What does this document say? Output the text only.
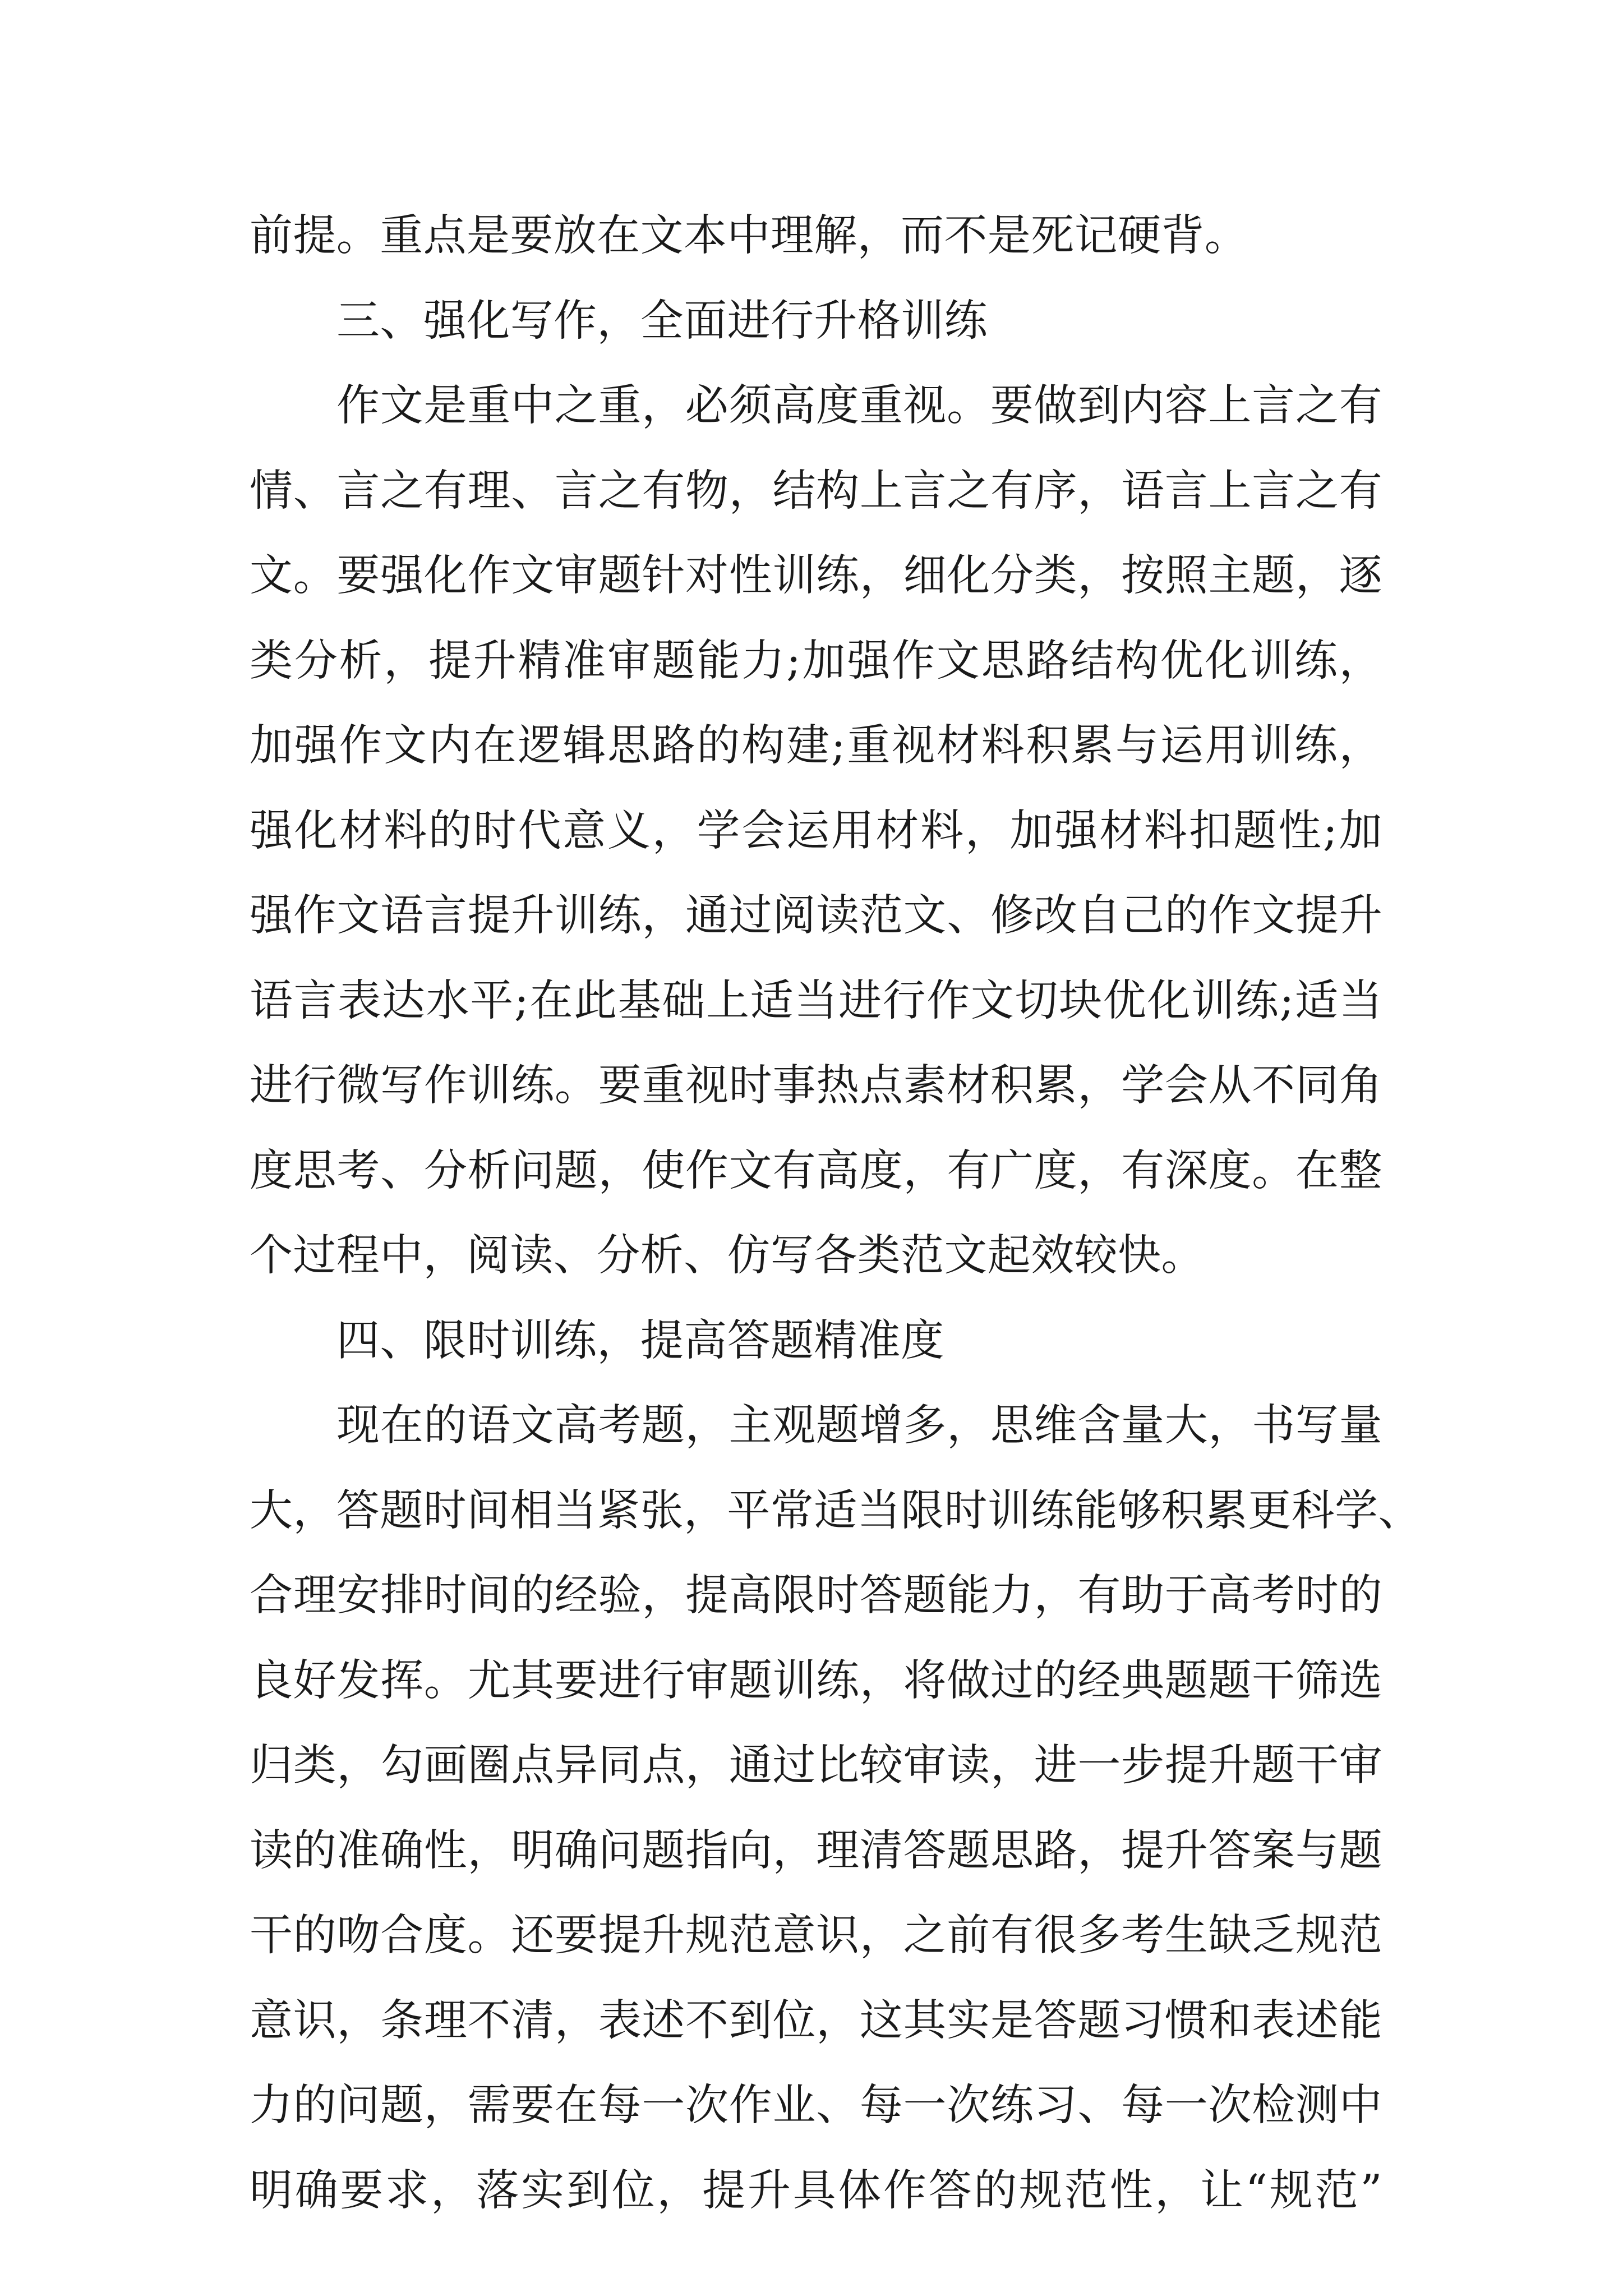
前提。重点是要放在文本中理解，而不是死记硬背。
三、强化写作，全面进行升格训练
作文是重中之重，必须高度重视。要做到内容上言之有
情、言之有理、言之有物，结构上言之有序，语言上言之有
文。要强化作文审题针对性训练，细化分类，按照主题，逐
类分析，提升精准审题能力;加强作文思路结构优化训练，
加强作文内在逻辑思路的构建;重视材料积累与运用训练，
强化材料的时代意义，学会运用材料，加强材料扣题性;加
强作文语言提升训练，通过阅读范文、修改自己的作文提升
语言表达水平;在此基础上适当进行作文切块优化训练;适当
进行微写作训练。要重视时事热点素材积累，学会从不同角
度思考、分析问题，使作文有高度，有广度，有深度。在整
个过程中，阅读、分析、仿写各类范文起效较快。
四、限时训练，提高答题精准度
现在的语文高考题，主观题增多，思维含量大，书写量
大，答题时间相当紧张，平常适当限时训练能够积累更科学、
合理安排时间的经验，提高限时答题能力，有助于高考时的
良好发挥。尤其要进行审题训练，将做过的经典题题干筛选
归类，勾画圈点异同点，通过比较审读，进一步提升题干审
读的准确性，明确问题指向，理清答题思路，提升答案与题
干的吻合度。还要提升规范意识，之前有很多考生缺乏规范
意识，条理不清，表述不到位，这其实是答题习惯和表述能
力的问题，需要在每一次作业、每一次练习、每一次检测中
明确要求，落实到位，提升具体作答的规范性，让“规范”
